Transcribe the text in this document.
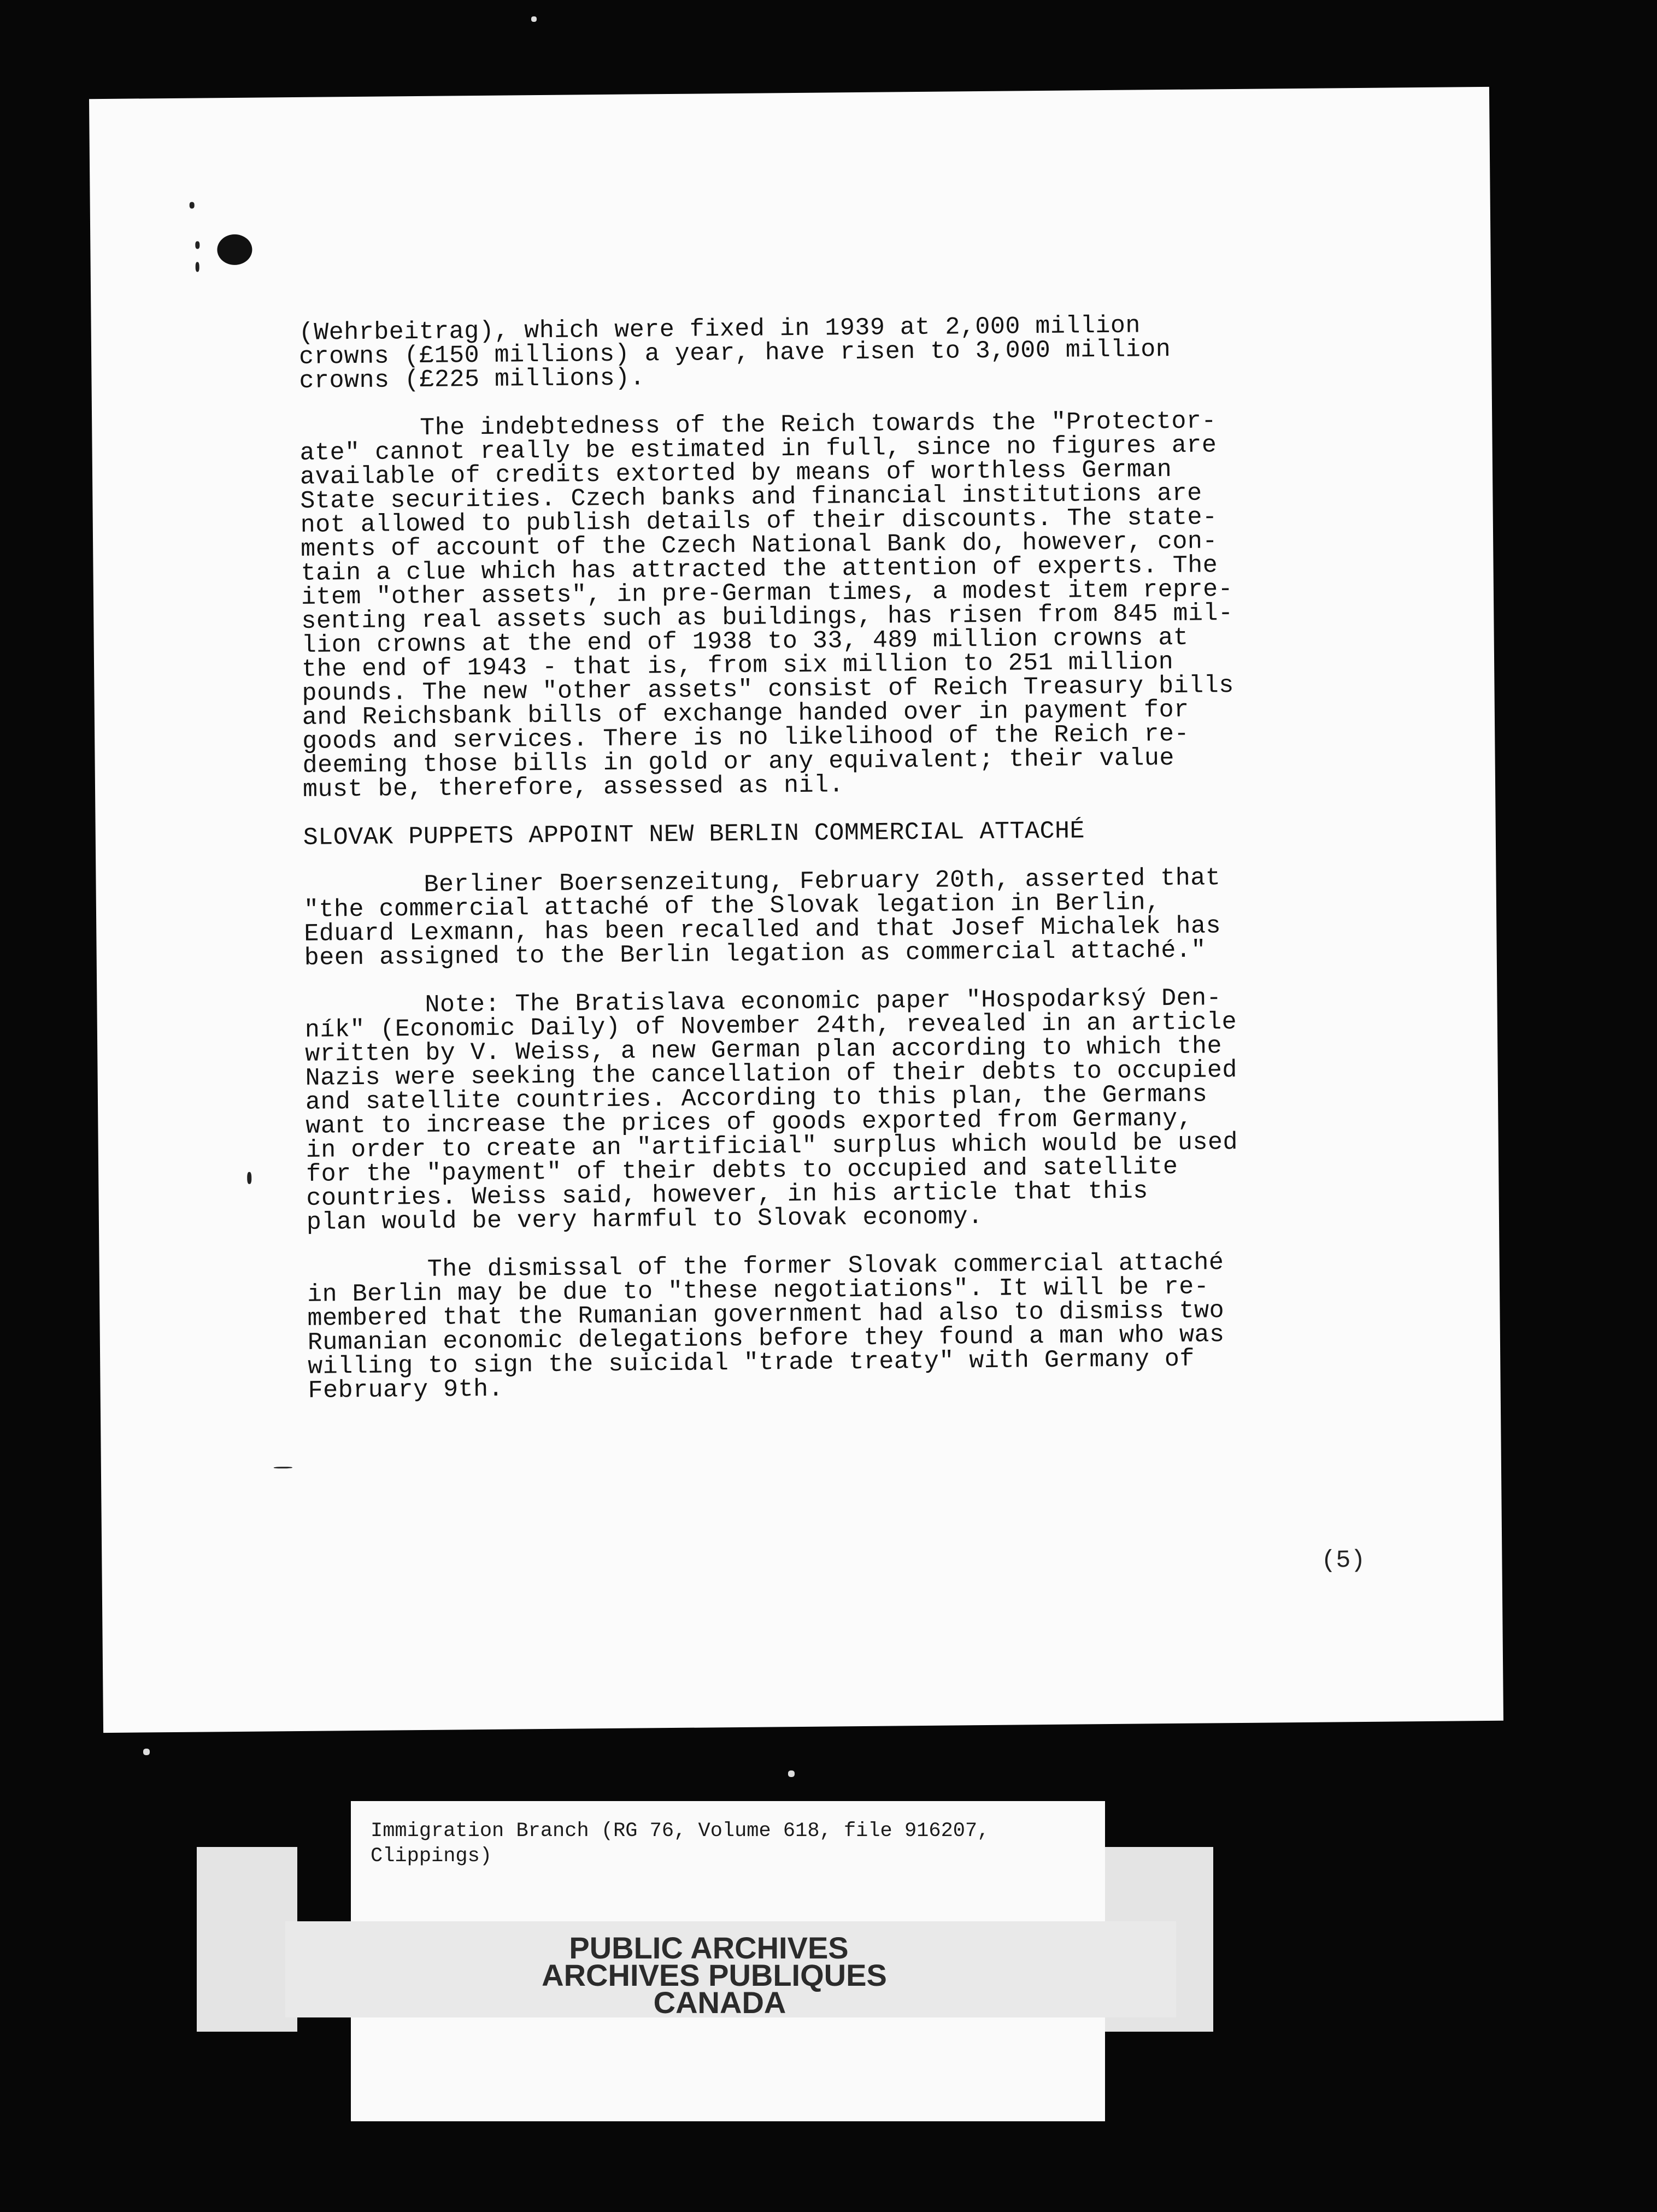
(Wehrbeitrag), which were fixed in 1939 at 2,000 million
crowns (£150 millions) a year, have risen to 3,000 million
crowns (£225 millions).

The indebtedness of the Reich towards the "Protector-
ate" cannot really be estimated in full, since no figures are
available of credits extorted by means of worthless German
State securities. Czech banks and financial institutions are
not allowed to publish details of their discounts. The state-
ments of account of the Czech National Bank do, however, con-
tain a clue which has attracted the attention of experts. The
item "other assets", in pre-German times, a modest item repre-
senting real assets such as buildings, has risen from 845 mil-
lion crowns at the end of 1938 to 33, 489 million crowns at
the end of 1943 - that is, from six million to 251 million
pounds. The new "other assets" consist of Reich Treasury bills
and Reichsbank bills of exchange handed over in payment for
goods and services. There is no likelihood of the Reich re-
deeming those bills in gold or any equivalent; their value
must be, therefore, assessed as nil.

SLOVAK PUPPETS APPOINT NEW BERLIN COMMERCIAL ATTACHÉ

Berliner Boersenzeitung, February 20th, asserted that
"the commercial attaché of the Slovak legation in Berlin,
Eduard Lexmann, has been recalled and that Josef Michalek has
been assigned to the Berlin legation as commercial attaché."

Note: The Bratislava economic paper "Hospodarksý Den-
ník" (Economic Daily) of November 24th, revealed in an article
written by V. Weiss, a new German plan according to which the
Nazis were seeking the cancellation of their debts to occupied
and satellite countries. According to this plan, the Germans
want to increase the prices of goods exported from Germany,
in order to create an "artificial" surplus which would be used
for the "payment" of their debts to occupied and satellite
countries. Weiss said, however, in his article that this
plan would be very harmful to Slovak economy.

The dismissal of the former Slovak commercial attaché
in Berlin may be due to "these negotiations". It will be re-
membered that the Rumanian government had also to dismiss two
Rumanian economic delegations before they found a man who was
willing to sign the suicidal "trade treaty" with Germany of
February 9th.

(5)
Immigration Branch (RG 76, Volume 618, file 916207,
Clippings)
PUBLIC ARCHIVES
ARCHIVES PUBLIQUES
CANADA
